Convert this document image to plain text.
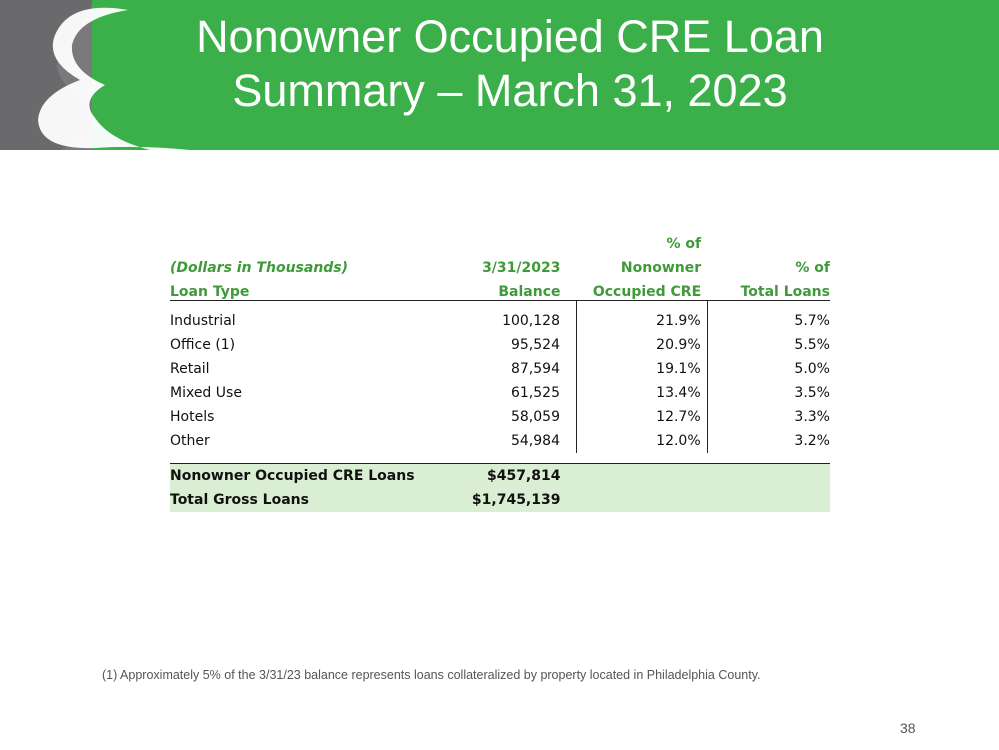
Nonowner Occupied CRE Loan
Summary – March 31, 2023
		% of	
(Dollars in Thousands)	3/31/2023	Nonowner	% of
Loan Type	Balance	Occupied CRE	Total Loans

Industrial	100,128	21.9%	5.7%
Office (1)	95,524	20.9%	5.5%
Retail	87,594	19.1%	5.0%
Mixed Use	61,525	13.4%	3.5%
Hotels	58,059	12.7%	3.3%
Other	54,984	12.0%	3.2%

Nonowner Occupied CRE Loans	$457,814		
Total Gross Loans	$1,745,139		
(1) Approximately 5% of the 3/31/23 balance represents loans collateralized by property located in Philadelphia County.
38
